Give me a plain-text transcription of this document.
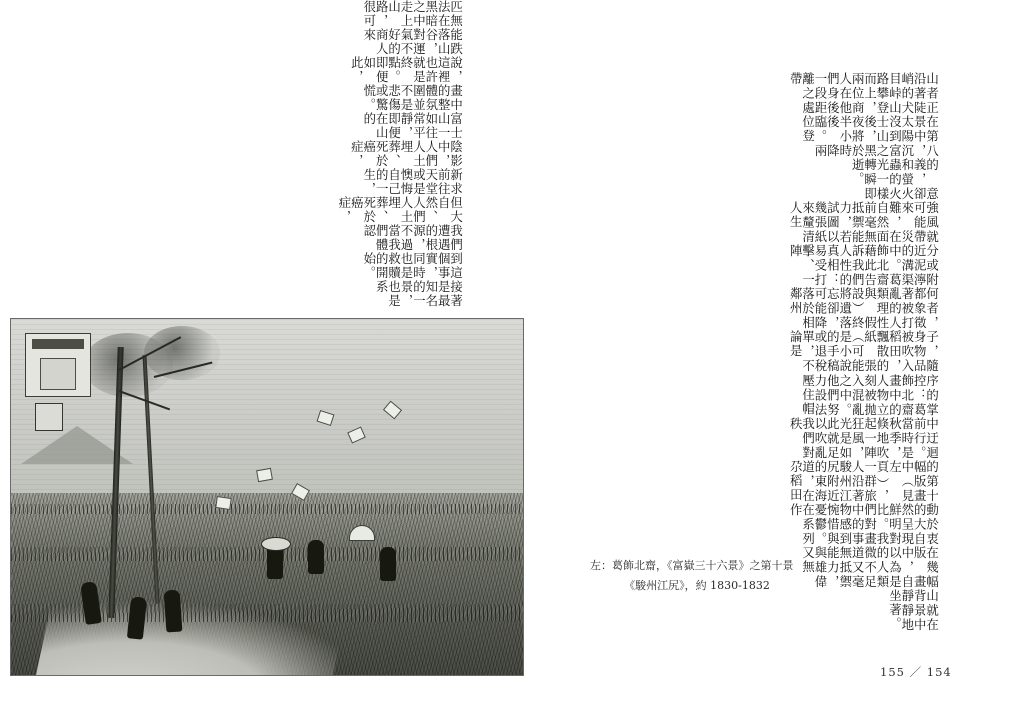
山就在背景中靜靜地坐著。
在幾幅版畫中，自以為是的人類微不足道又毫無抵禦能力，與雄偉又無
動於衷的大自然呈現鮮明對比。我們對畫中的事物感到惋惜與憂鬱。在系列作
的第十幅版畫中（見左頁），一群旅人沿著駿州江尻附近的東海道，在尕稻田
中迂迴前行。當時是秋季，倏地吹起一陣狂風，光是如此就足以吹亂我們對秩
序的掌控：葛飾北齋畫中的人物立刻被拋入混亂之中。他們努力設法壓住帽
子，隨身物品被吹入稻田，飄散的紙張（可能是小說的手稿或退稅單，不論是
何者，都象徵著被打亂的人類理性與假設）終將遺落忘卻，可能降落於相鄰州
分或附近泥濘的溝渠中。葛飾北齋藉此告訴我們人性的真相：易受打擊、一陣
強風就可能帶來災難，在自然面前毫無抵禦能力，若試圖以幾張紙來釐清人生
的意義，卻和螢火蟲的火光一樣轉瞬即逝。
在第八景中，太陽沉沒到富士山之後，黑夜將於半小時後降臨。兩位登
山者正沿著陡峭的犬目峠山路攀登而上，兩位商人在他們身後一段距離之處帶

接著是最知名的一景，也是系
到這個事實，同時也是救贖的開始。
我們遭遇的根源，不過當我們體認
但大自然、人們人土埋葬、死於癌症，
新求前往天堂或是懊悔自己的一生，
陰影中，人們人土埋葬、死於癌症，
富士山一如往常平靜，即便在山的
畫中的整體氛圍並不是悲傷或驚慌。
說，這裡也許就是終點。即便如此，
能跌落山谷，對運氣不好的商人來
匹無法在黑暗之中走上山路，很可

左：葛飾北齋，《富嶽三十六景》之第十景
《駿州江尻》，約 1830-1832
155 ／ 154
